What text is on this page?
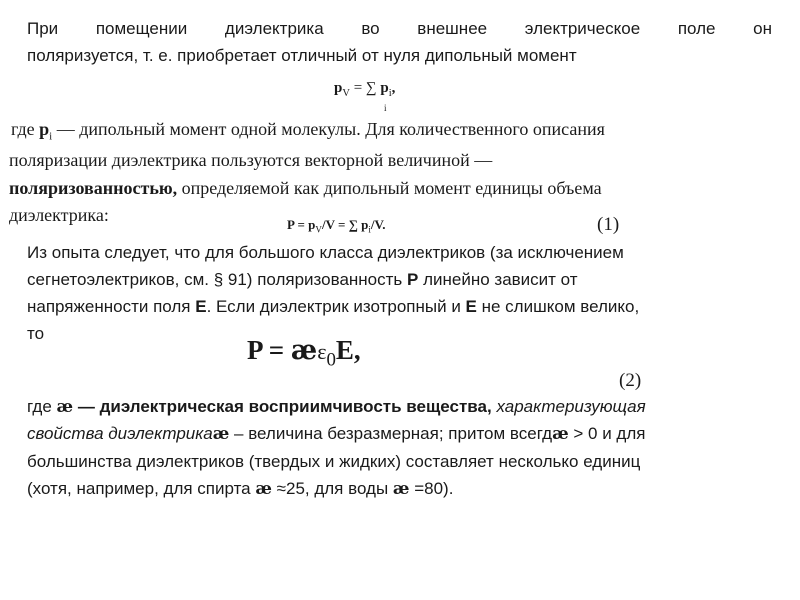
При помещении диэлектрика во внешнее электрическое поле он
поляризуется, т. е. приобретает отличный от нуля дипольный момент
$p_V$ = ∑ $p_i$,
i
где $p_i$ — дипольный момент одной молекулы. Для количественного описания
поляризации диэлектрика пользуются векторной величиной —
поляризованностью, определяемой как дипольный момент единицы объема
диэлектрика:	$P = p_V/V$ = ∑ $p_i/V$.	(1)
Из опыта следует, что для большого класса диэлектриков (за исключением
сегнетоэлектриков, см. § 91) поляризованность P линейно зависит от
напряженности поля E. Если диэлектрик изотропный и E не слишком велико,
то
$P = æ\varepsilon_0E$,
(2)
где æ — диэлектрическая восприимчивость вещества, характеризующая
свойства диэлектрикаæ – величина безразмерная; притом всегдæ > 0 и для
большинства диэлектриков (твердых и жидких) составляет несколько единиц
(хотя, например, для спирта æ ≈25, для воды æ =80).
